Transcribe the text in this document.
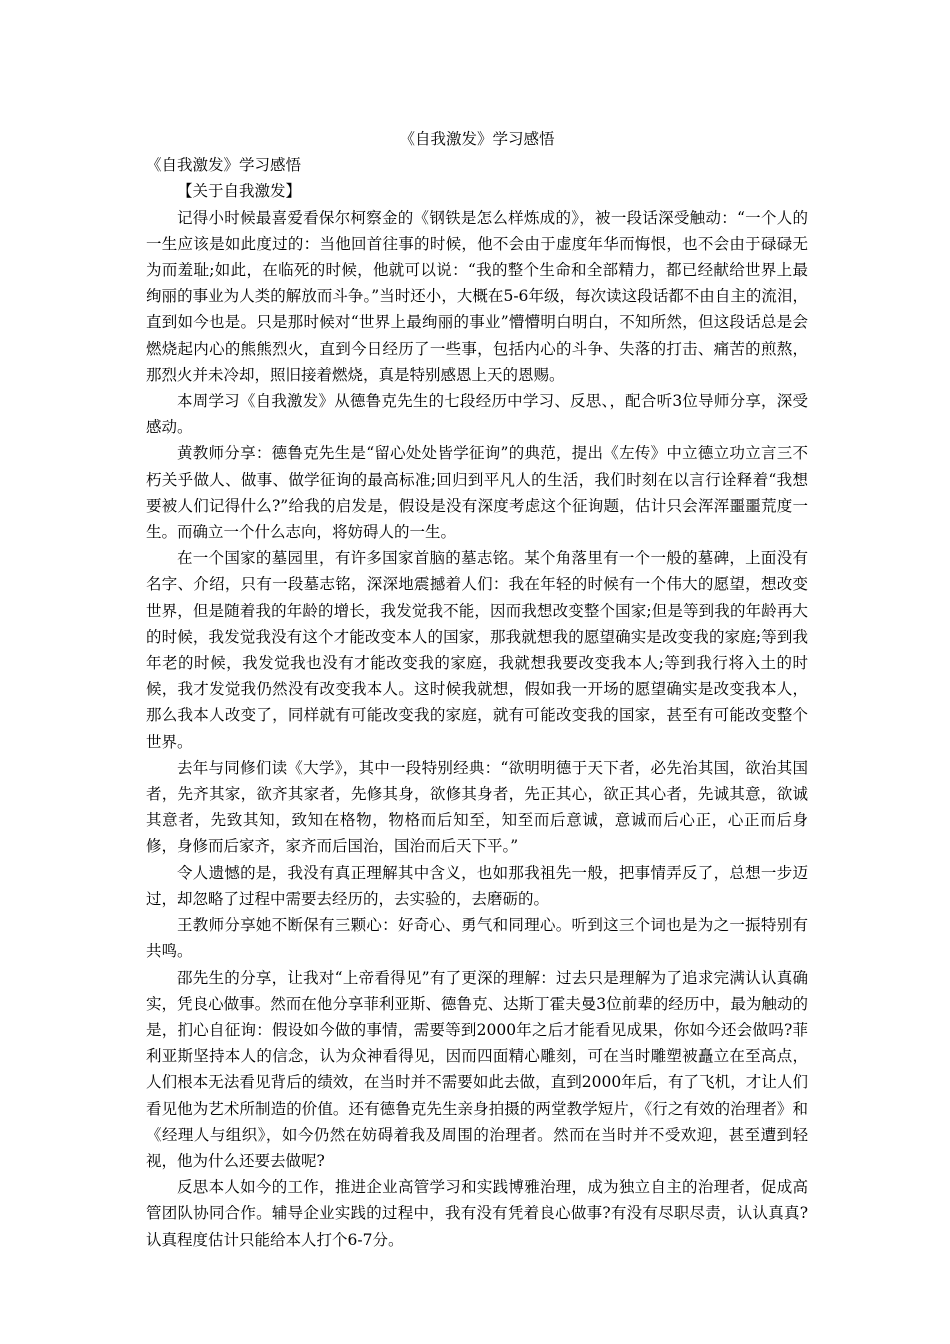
《自我激发》学习感悟

《自我激发》学习感悟

【关于自我激发】

记得小时候最喜爱看保尔柯察金的《钢铁是怎么样炼成的》，被一段话深受触动：“一个人的一生应该是如此度过的：当他回首往事的时候，他不会由于虚度年华而悔恨，也不会由于碌碌无为而羞耻;如此，在临死的时候，他就可以说：“我的整个生命和全部精力，都已经献给世界上最绚丽的事业为人类的解放而斗争。”当时还小，大概在5-6年级，每次读这段话都不由自主的流泪，直到如今也是。只是那时候对“世界上最绚丽的事业”懵懵明白明白，不知所然，但这段话总是会燃烧起内心的熊熊烈火，直到今日经历了一些事，包括内心的斗争、失落的打击、痛苦的煎熬，那烈火并未冷却，照旧接着燃烧，真是特别感恩上天的恩赐。

本周学习《自我激发》从德鲁克先生的七段经历中学习、反思、，配合听3位导师分享，深受感动。

黄教师分享：德鲁克先生是“留心处处皆学征询”的典范，提出《左传》中立德立功立言三不朽关乎做人、做事、做学征询的最高标准;回归到平凡人的生活，我们时刻在以言行诠释着“我想要被人们记得什么?”给我的启发是，假设是没有深度考虑这个征询题，估计只会浑浑噩噩荒度一生。而确立一个什么志向，将妨碍人的一生。

在一个国家的墓园里，有许多国家首脑的墓志铭。某个角落里有一个一般的墓碑，上面没有名字、介绍，只有一段墓志铭，深深地震撼着人们：我在年轻的时候有一个伟大的愿望，想改变世界，但是随着我的年龄的增长，我发觉我不能，因而我想改变整个国家;但是等到我的年龄再大的时候，我发觉我没有这个才能改变本人的国家，那我就想我的愿望确实是改变我的家庭;等到我年老的时候，我发觉我也没有才能改变我的家庭，我就想我要改变我本人;等到我行将入土的时候，我才发觉我仍然没有改变我本人。这时候我就想，假如我一开场的愿望确实是改变我本人，那么我本人改变了，同样就有可能改变我的家庭，就有可能改变我的国家，甚至有可能改变整个世界。

去年与同修们读《大学》，其中一段特别经典：“欲明明德于天下者，必先治其国，欲治其国者，先齐其家，欲齐其家者，先修其身，欲修其身者，先正其心，欲正其心者，先诚其意，欲诚其意者，先致其知，致知在格物，物格而后知至，知至而后意诚，意诚而后心正，心正而后身修，身修而后家齐，家齐而后国治，国治而后天下平。”

令人遗憾的是，我没有真正理解其中含义，也如那我祖先一般，把事情弄反了，总想一步迈过，却忽略了过程中需要去经历的，去实验的，去磨砺的。

王教师分享她不断保有三颗心：好奇心、勇气和同理心。听到这三个词也是为之一振特别有共鸣。

邵先生的分享，让我对“上帝看得见”有了更深的理解：过去只是理解为了追求完满认认真确实，凭良心做事。然而在他分享菲利亚斯、德鲁克、达斯丁霍夫曼3位前辈的经历中，最为触动的是，扪心自征询：假设如今做的事情，需要等到2000年之后才能看见成果，你如今还会做吗?菲利亚斯坚持本人的信念，认为众神看得见，因而四面精心雕刻，可在当时雕塑被矗立在至高点，人们根本无法看见背后的绩效，在当时并不需要如此去做，直到2000年后，有了飞机，才让人们看见他为艺术所制造的价值。还有德鲁克先生亲身拍摄的两堂教学短片，《行之有效的治理者》和《经理人与组织》，如今仍然在妨碍着我及周围的治理者。然而在当时并不受欢迎，甚至遭到轻视，他为什么还要去做呢?

反思本人如今的工作，推进企业高管学习和实践博雅治理，成为独立自主的治理者，促成高管团队协同合作。辅导企业实践的过程中，我有没有凭着良心做事?有没有尽职尽责，认认真真?认真程度估计只能给本人打个6-7分。
